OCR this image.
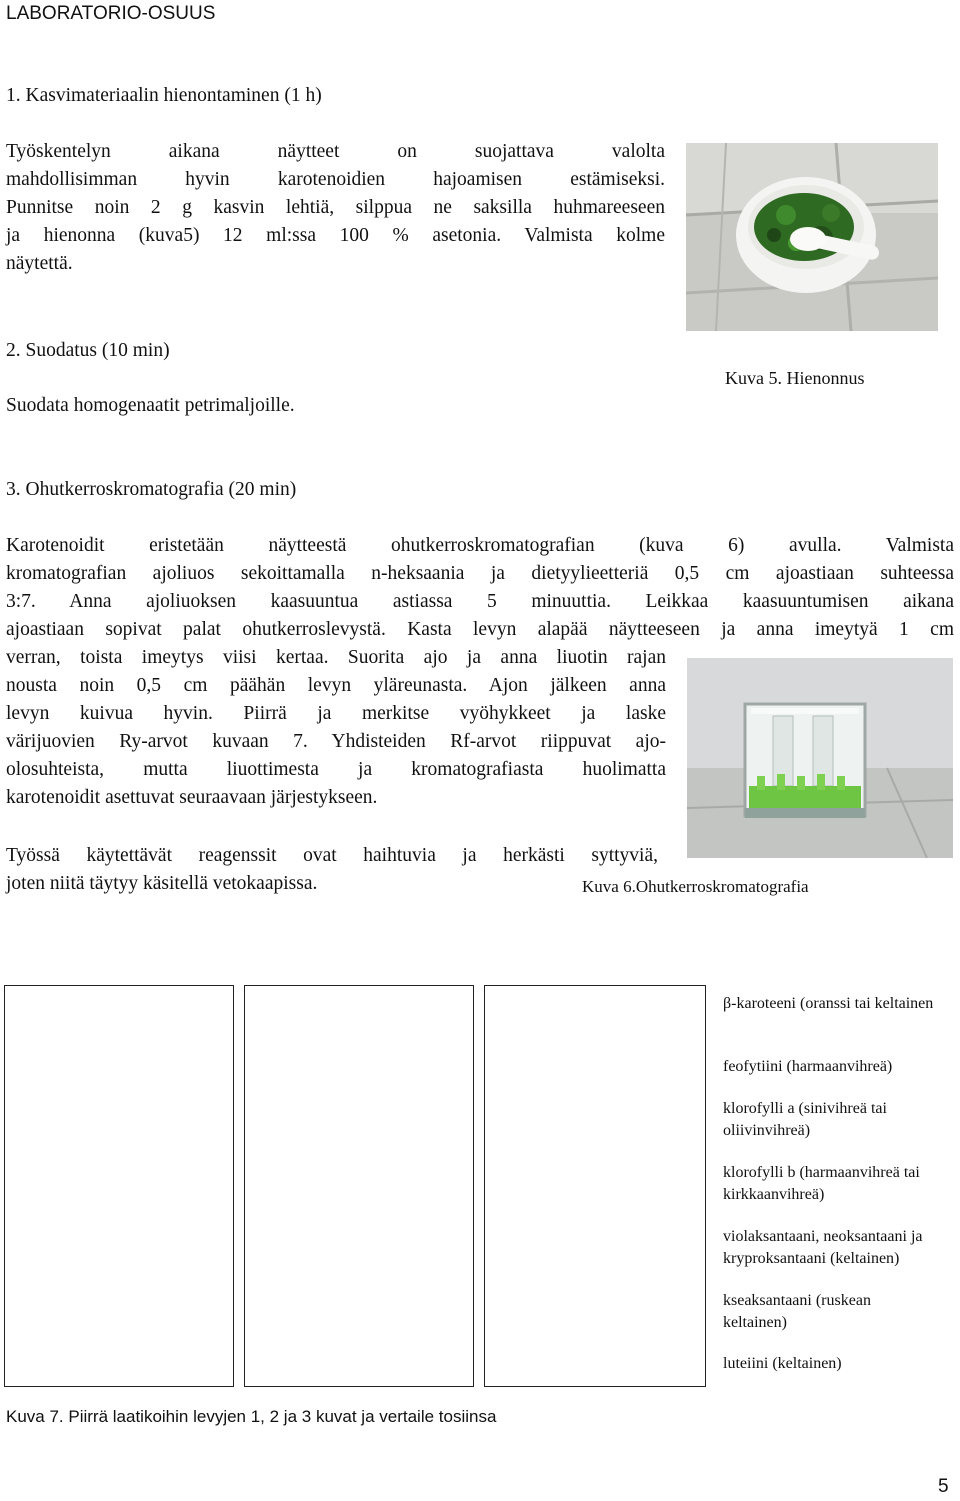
LABORATORIO-OSUUS
1. Kasvimateriaalin hienontaminen (1 h)
Työskentelyn aikana näytteet on suojattava valolta
mahdollisimman hyvin karotenoidien hajoamisen estämiseksi.
Punnitse noin 2 g kasvin lehtiä, silppua ne saksilla huhmareeseen
ja hienonna (kuva5) 12 ml:ssa 100 % asetonia. Valmista kolme
näytettä.
2. Suodatus (10 min)
Suodata homogenaatit petrimaljoille.
Kuva 5. Hienonnus
3. Ohutkerroskromatografia (20 min)
Karotenoidit eristetään näytteestä ohutkerroskromatografian (kuva 6) avulla. Valmista
kromatografian ajoliuos sekoittamalla n-heksaania ja dietyylieetteriä 0,5 cm ajoastiaan suhteessa
3:7. Anna ajoliuoksen kaasuuntua astiassa 5 minuuttia. Leikkaa kaasuuntumisen aikana
ajoastiaan sopivat palat ohutkerroslevystä. Kasta levyn alapää näytteeseen ja anna imeytyä 1 cm
verran, toista imeytys viisi kertaa. Suorita ajo ja anna liuotin rajan
nousta noin 0,5 cm päähän levyn yläreunasta. Ajon jälkeen anna
levyn kuivua hyvin. Piirrä ja merkitse vyöhykkeet ja laske
värijuovien Ry-arvot kuvaan 7. Yhdisteiden Rf-arvot riippuvat ajo-
olosuhteista, mutta liuottimesta ja kromatografiasta huolimatta
karotenoidit asettuvat seuraavaan järjestykseen.
Työssä käytettävät reagenssit ovat haihtuvia ja herkästi syttyviä,
joten niitä täytyy käsitellä vetokaapissa.	Kuva 6.Ohutkerroskromatografia
β-karoteeni (oranssi tai keltainen
feofytiini (harmaanvihreä)
klorofylli a (sinivihreä tai oliivinvihreä)
klorofylli b (harmaanvihreä tai kirkkaanvihreä)
violaksantaani, neoksantaani ja kryproksantaani (keltainen)
kseaksantaani (ruskean keltainen)
luteiini (keltainen)
Kuva 7. Piirrä laatikoihin levyjen 1, 2 ja 3 kuvat ja vertaile tosiinsa
5
